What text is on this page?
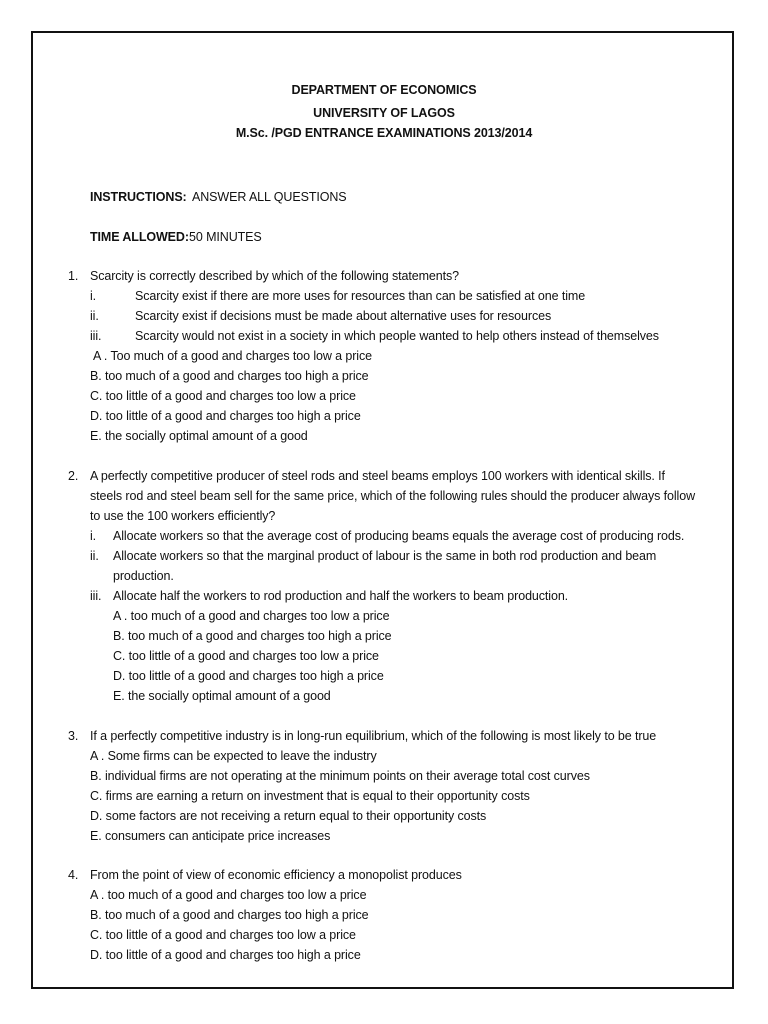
DEPARTMENT OF ECONOMICS
UNIVERSITY OF LAGOS
M.Sc. /PGD ENTRANCE EXAMINATIONS 2013/2014
INSTRUCTIONS: ANSWER ALL QUESTIONS
TIME ALLOWED: 50 MINUTES
1. Scarcity is correctly described by which of the following statements?
i.	Scarcity exist if there are more uses for resources than can be satisfied at one time
ii.	Scarcity exist if decisions must be made about alternative uses for resources
iii.	Scarcity would not exist in a society in which people wanted to help others instead of themselves
A . Too much of a good and charges too low a price
B. too much of a good and charges too high a price
C. too little of a good and charges too low a price
D. too little of a good and charges too high a price
E. the socially optimal amount of a good
2. A perfectly competitive producer of steel rods and steel beams employs 100 workers with identical skills. If
steels rod and steel beam sell for the same price, which of the following rules should the producer always follow
to use the 100 workers efficiently?
i. Allocate workers so that the average cost of producing beams equals the average cost of producing rods.
ii. Allocate workers so that the marginal product of labour is the same in both rod production and beam
production.
iii. Allocate half the workers to rod production and half the workers to beam production.
A . too much of a good and charges too low a price
B. too much of a good and charges too high a price
C. too little of a good and charges too low a price
D. too little of a good and charges too high a price
E. the socially optimal amount of a good
3. If a perfectly competitive industry is in long-run equilibrium, which of the following is most likely to be true
A . Some firms can be expected to leave the industry
B. individual firms are not operating at the minimum points on their average total cost curves
C. firms are earning a return on investment that is equal to their opportunity costs
D. some factors are not receiving a return equal to their opportunity costs
E. consumers can anticipate price increases
4. From the point of view of economic efficiency a monopolist produces
A . too much of a good and charges too low a price
B. too much of a good and charges too high a price
C. too little of a good and charges too low a price
D. too little of a good and charges too high a price
